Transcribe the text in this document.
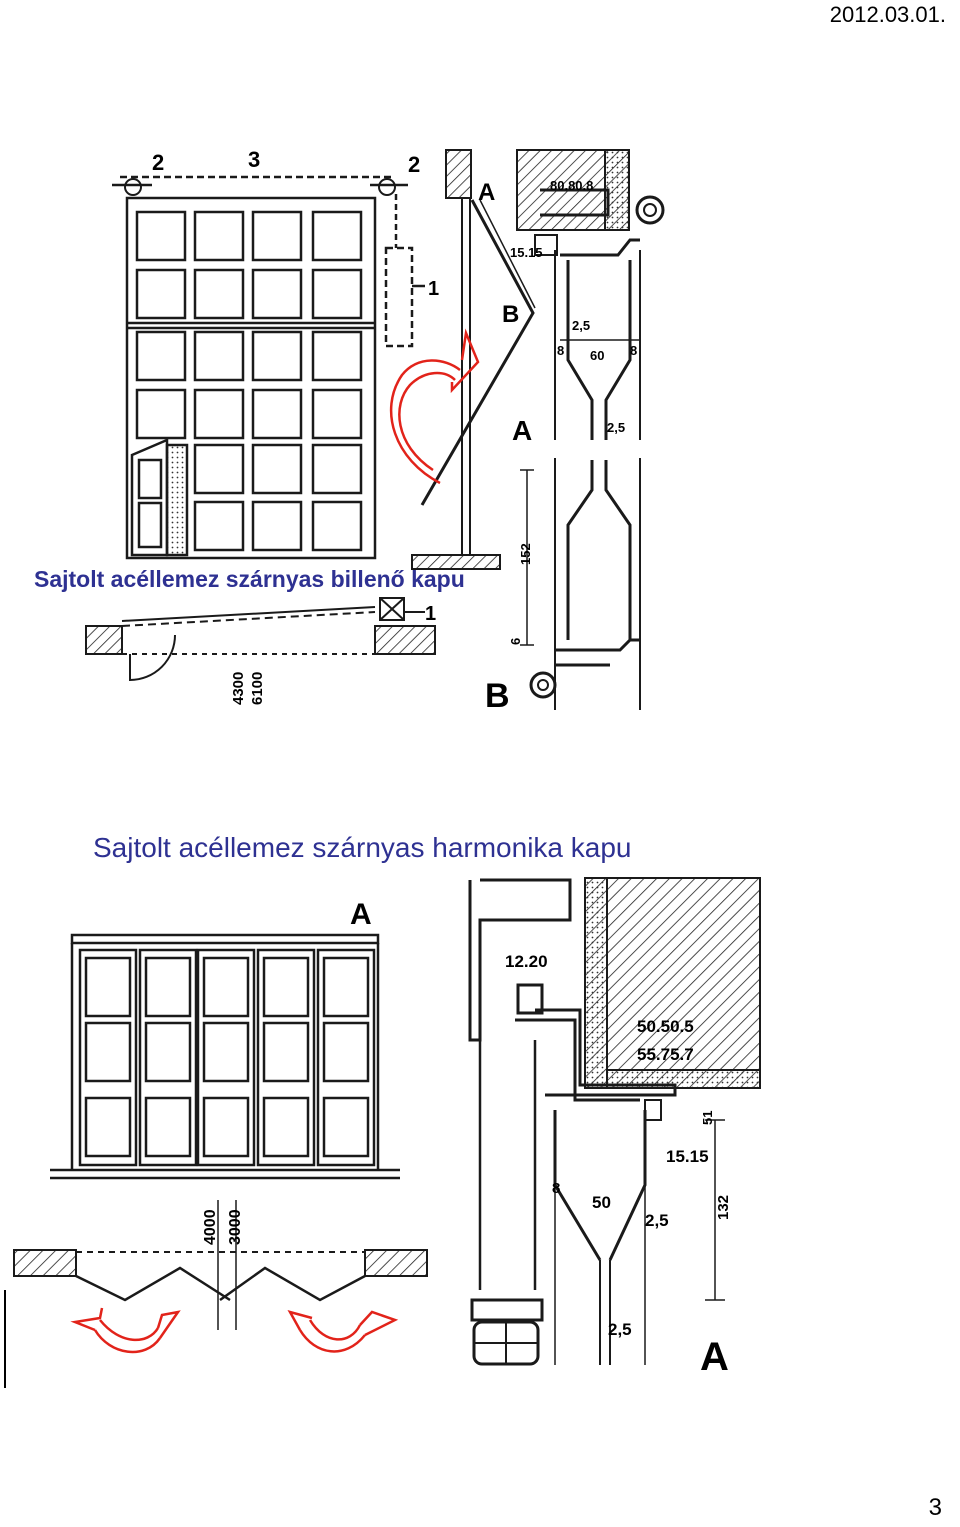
2012.03.01.
2	3	2
A
1
B
A
1
4300 6100	B
80.80.8
15.15
2,5
8 60 8
2,5
152
6
Sajtolt acéllemez szárnyas billenő kapu
Sajtolt acéllemez szárnyas harmonika kapu
A
4000 3000
12.20
50.50.5
55.75.7
51
15.15
8
50
2,5
132
2,5
A
3
